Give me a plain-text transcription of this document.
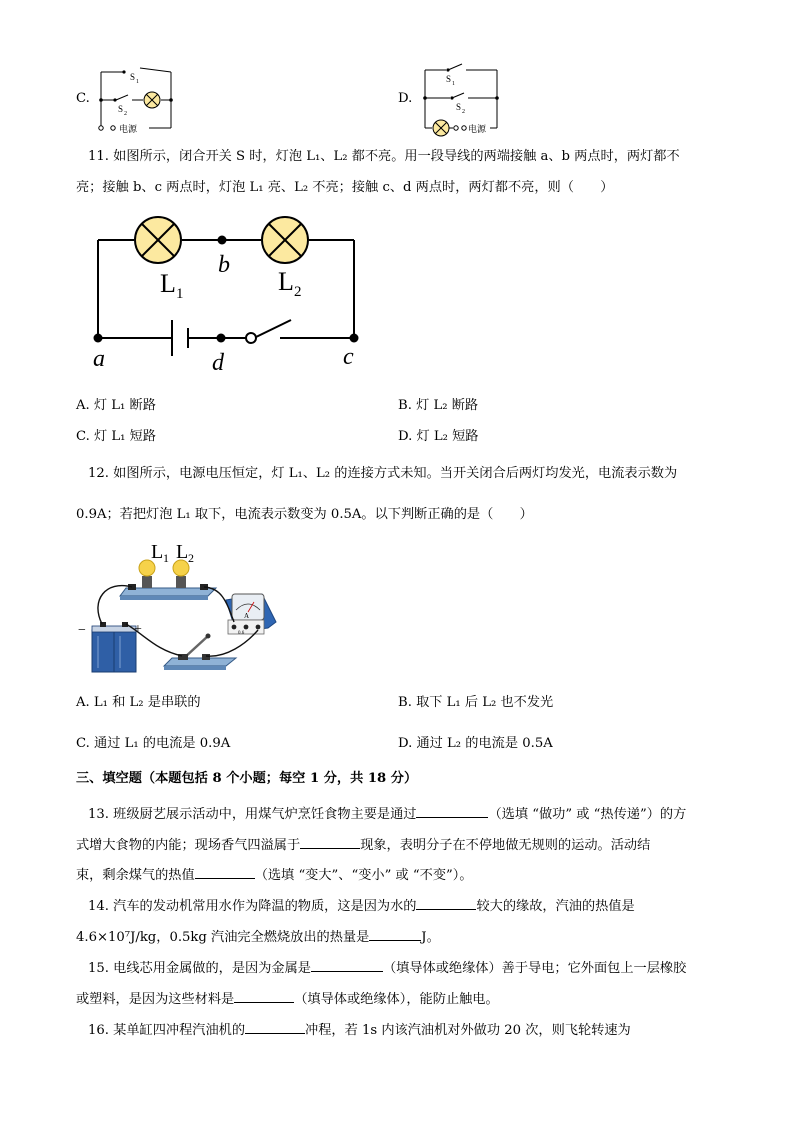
C.
S 1
S 2
电源
D.
S 1
S 2
电源
11. 如图所示，闭合开关 S 时，灯泡 L₁、L₂ 都不亮。用一段导线的两端接触 a、b 两点时，两灯都不
亮；接触 b、c 两点时，灯泡 L₁ 亮、L₂ 不亮；接触 c、d 两点时，两灯都不亮，则（　　）
L 1	L 2
b
a	d	c
A. 灯 L₁ 断路	B. 灯 L₂ 断路
C. 灯 L₁ 短路	D. 灯 L₂ 短路
12. 如图所示，电源电压恒定，灯 L₁、L₂ 的连接方式未知。当开关闭合后两灯均发光，电流表示数为
0.9A；若把灯泡 L₁ 取下，电流表示数变为 0.5A。以下判断正确的是（　　）
L 1 L 2
A
0.6
−	+
A. L₁ 和 L₂ 是串联的	B. 取下 L₁ 后 L₂ 也不发光
C. 通过 L₁ 的电流是 0.9A	D. 通过 L₂ 的电流是 0.5A
三、填空题（本题包括 8 个小题；每空 1 分，共 18 分）
13. 班级厨艺展示活动中，用煤气炉烹饪食物主要是通过	（选填 “做功” 或 “热传递”）的方
式增大食物的内能；现场香气四溢属于	现象，表明分子在不停地做无规则的运动。活动结
束，剩余煤气的热值	（选填 “变大”、“变小” 或 “不变”）。
14. 汽车的发动机常用水作为降温的物质，这是因为水的	较大的缘故，汽油的热值是
4.6×10⁷J/kg，0.5kg 汽油完全燃烧放出的热量是	J。
15. 电线芯用金属做的，是因为金属是	（填导体或绝缘体）善于导电；它外面包上一层橡胶
或塑料，是因为这些材料是	（填导体或绝缘体），能防止触电。
16. 某单缸四冲程汽油机的	冲程，若 1s 内该汽油机对外做功 20 次，则飞轮转速为
